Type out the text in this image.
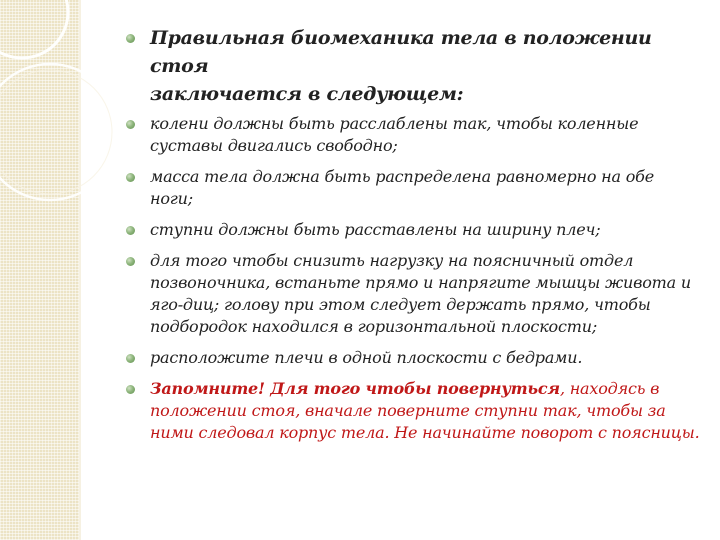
Правильная биомеханика тела в положении стоя
заключается в следующем:
колени должны быть расслаблены так, чтобы коленные
суставы двигались свободно;
масса тела должна быть распределена равномерно на обе
ноги;
ступни должны быть расставлены на ширину плеч;
для того чтобы снизить нагрузку на поясничный отдел
позвоночника, встаньте прямо и напрягите мышцы живота и
яго-диц; голову при этом следует держать прямо, чтобы
подбородок находился в горизонтальной плоскости;
расположите плечи в одной плоскости с бедрами.
Запомните! Для того чтобы повернуться, находясь в
положении стоя, вначале поверните ступни так, чтобы за
ними следовал корпус тела. Не начинайте поворот с поясницы.
